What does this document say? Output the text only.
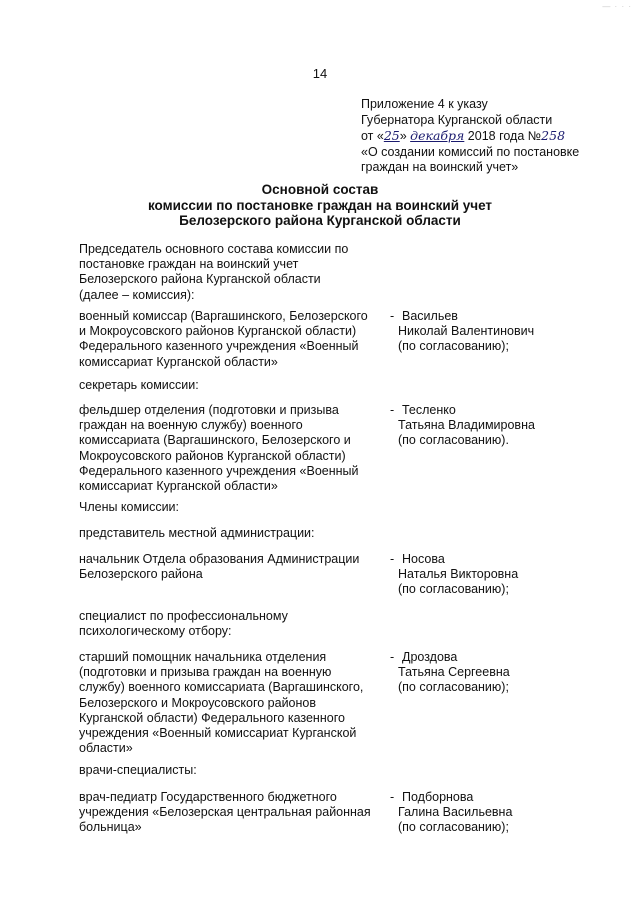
— · · ·
14
Приложение 4 к указу
Губернатора Курганской области
от «25» декабря 2018 года №258
«О создании комиссий по постановке
граждан на воинский учет»
Основной состав
комиссии по постановке граждан на воинский учет
Белозерского района Курганской области
Председатель основного состава комиссии по
постановке граждан на воинский учет
Белозерского района Курганской области
(далее – комиссия):
военный комиссар (Варгашинского, Белозерского
и Мокроусовского районов Курганской области)
Федерального казенного учреждения «Военный
комиссариат Курганской области»
- Васильев
Николай Валентинович
(по согласованию);
секретарь комиссии:
фельдшер отделения (подготовки и призыва
граждан на военную службу) военного
комиссариата (Варгашинского, Белозерского и
Мокроусовского районов Курганской области)
Федерального казенного учреждения «Военный
комиссариат Курганской области»
- Тесленко
Татьяна Владимировна
(по согласованию).
Члены комиссии:
представитель местной администрации:
начальник Отдела образования Администрации
Белозерского района
- Носова
Наталья Викторовна
(по согласованию);
специалист по профессиональному
психологическому отбору:
старший помощник начальника отделения
(подготовки и призыва граждан на военную
службу) военного комиссариата (Варгашинского,
Белозерского и Мокроусовского районов
Курганской области) Федерального казенного
учреждения «Военный комиссариат Курганской
области»
- Дроздова
Татьяна Сергеевна
(по согласованию);
врачи-специалисты:
врач-педиатр Государственного бюджетного
учреждения «Белозерская центральная районная
больница»
- Подборнова
Галина Васильевна
(по согласованию);
